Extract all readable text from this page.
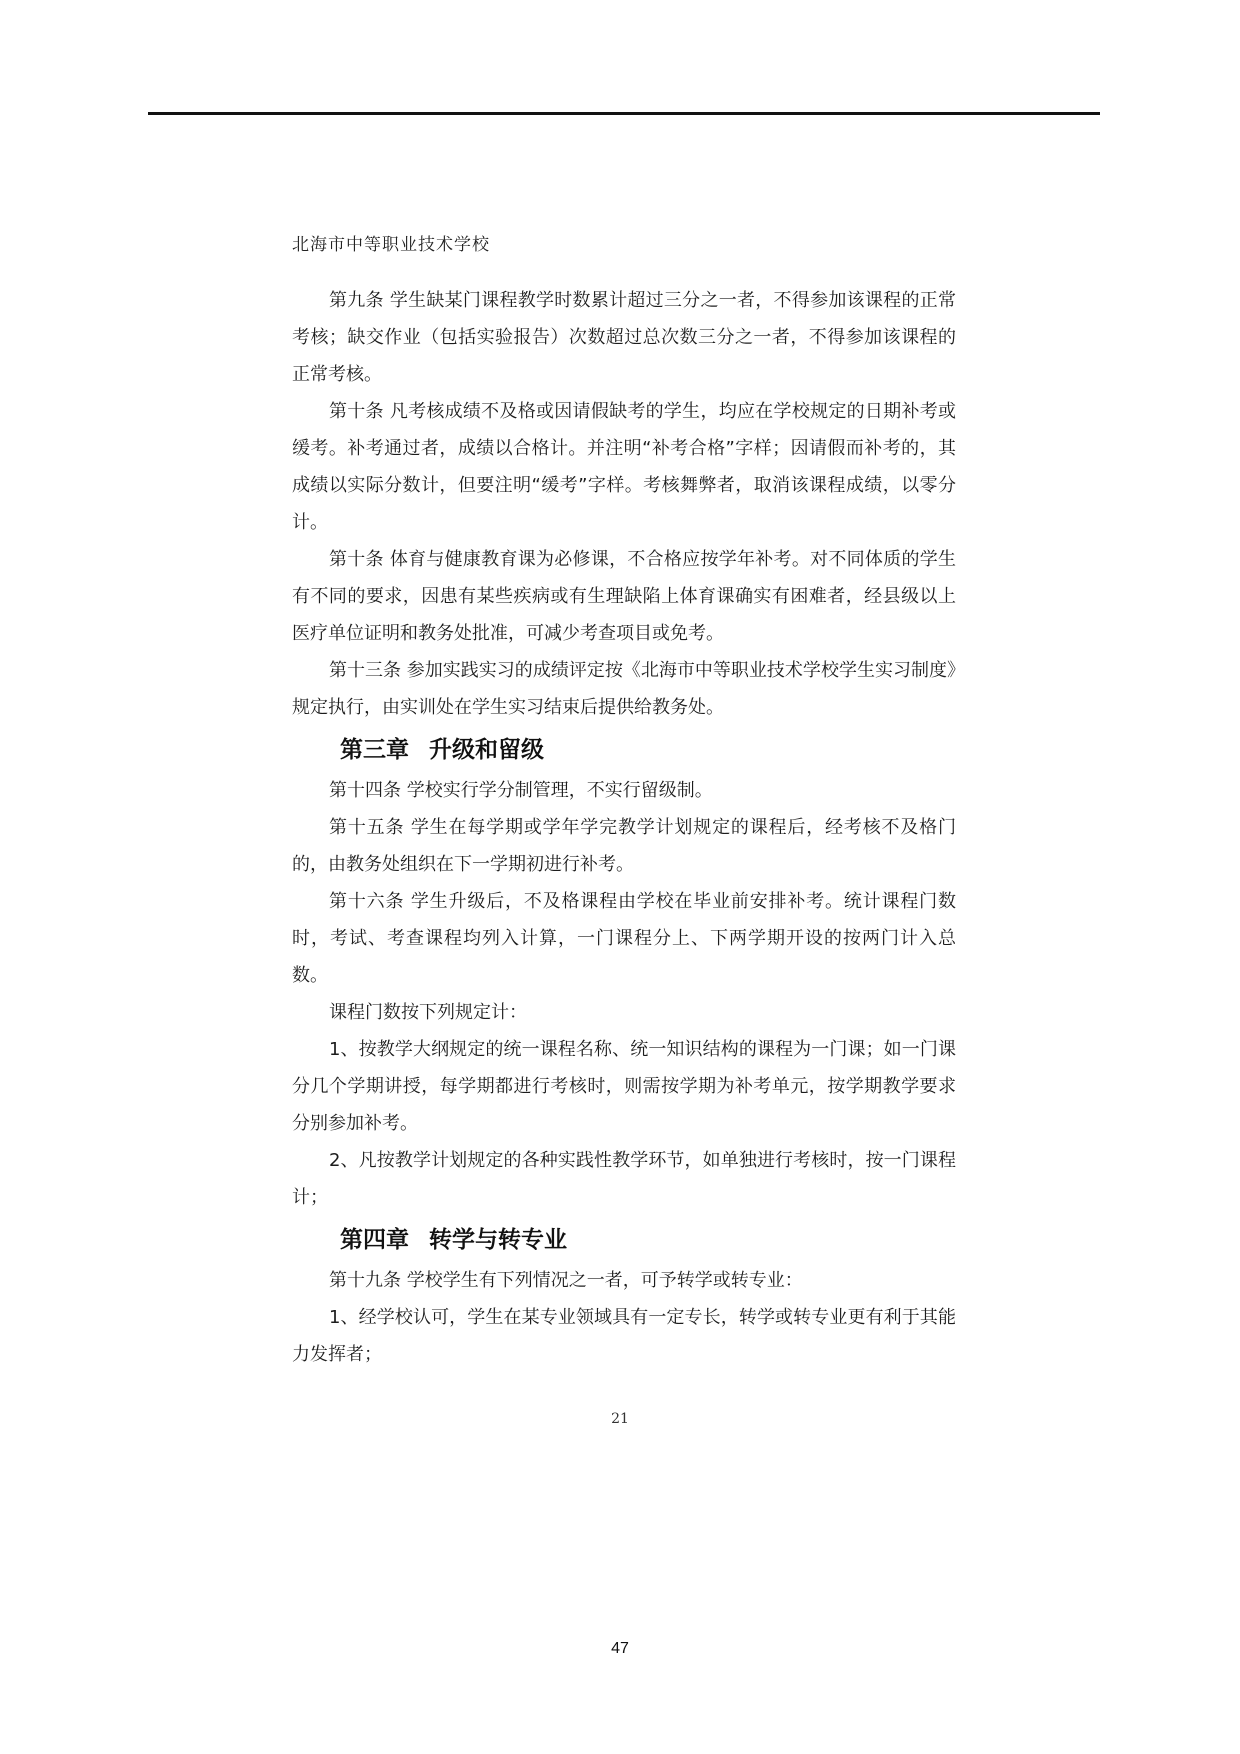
北海市中等职业技术学校

第九条 学生缺某门课程教学时数累计超过三分之一者，不得参加该课程的正常考核；缺交作业（包括实验报告）次数超过总次数三分之一者，不得参加该课程的正常考核。

第十条 凡考核成绩不及格或因请假缺考的学生，均应在学校规定的日期补考或缓考。补考通过者，成绩以合格计。并注明“补考合格”字样；因请假而补考的，其成绩以实际分数计，但要注明“缓考”字样。考核舞弊者，取消该课程成绩，以零分计。

第十条 体育与健康教育课为必修课，不合格应按学年补考。对不同体质的学生有不同的要求，因患有某些疾病或有生理缺陷上体育课确实有困难者，经县级以上医疗单位证明和教务处批准，可减少考查项目或免考。

第十三条 参加实践实习的成绩评定按《北海市中等职业技术学校学生实习制度》规定执行，由实训处在学生实习结束后提供给教务处。

第三章 升级和留级

第十四条 学校实行学分制管理，不实行留级制。

第十五条 学生在每学期或学年学完教学计划规定的课程后，经考核不及格门的，由教务处组织在下一学期初进行补考。

第十六条 学生升级后，不及格课程由学校在毕业前安排补考。统计课程门数时，考试、考查课程均列入计算，一门课程分上、下两学期开设的按两门计入总数。

课程门数按下列规定计：

1、按教学大纲规定的统一课程名称、统一知识结构的课程为一门课；如一门课分几个学期讲授，每学期都进行考核时，则需按学期为补考单元，按学期教学要求分别参加补考。

2、凡按教学计划规定的各种实践性教学环节，如单独进行考核时，按一门课程计；

第四章 转学与转专业

第十九条 学校学生有下列情况之一者，可予转学或转专业：

1、经学校认可，学生在某专业领域具有一定专长，转学或转专业更有利于其能力发挥者；

21
47
